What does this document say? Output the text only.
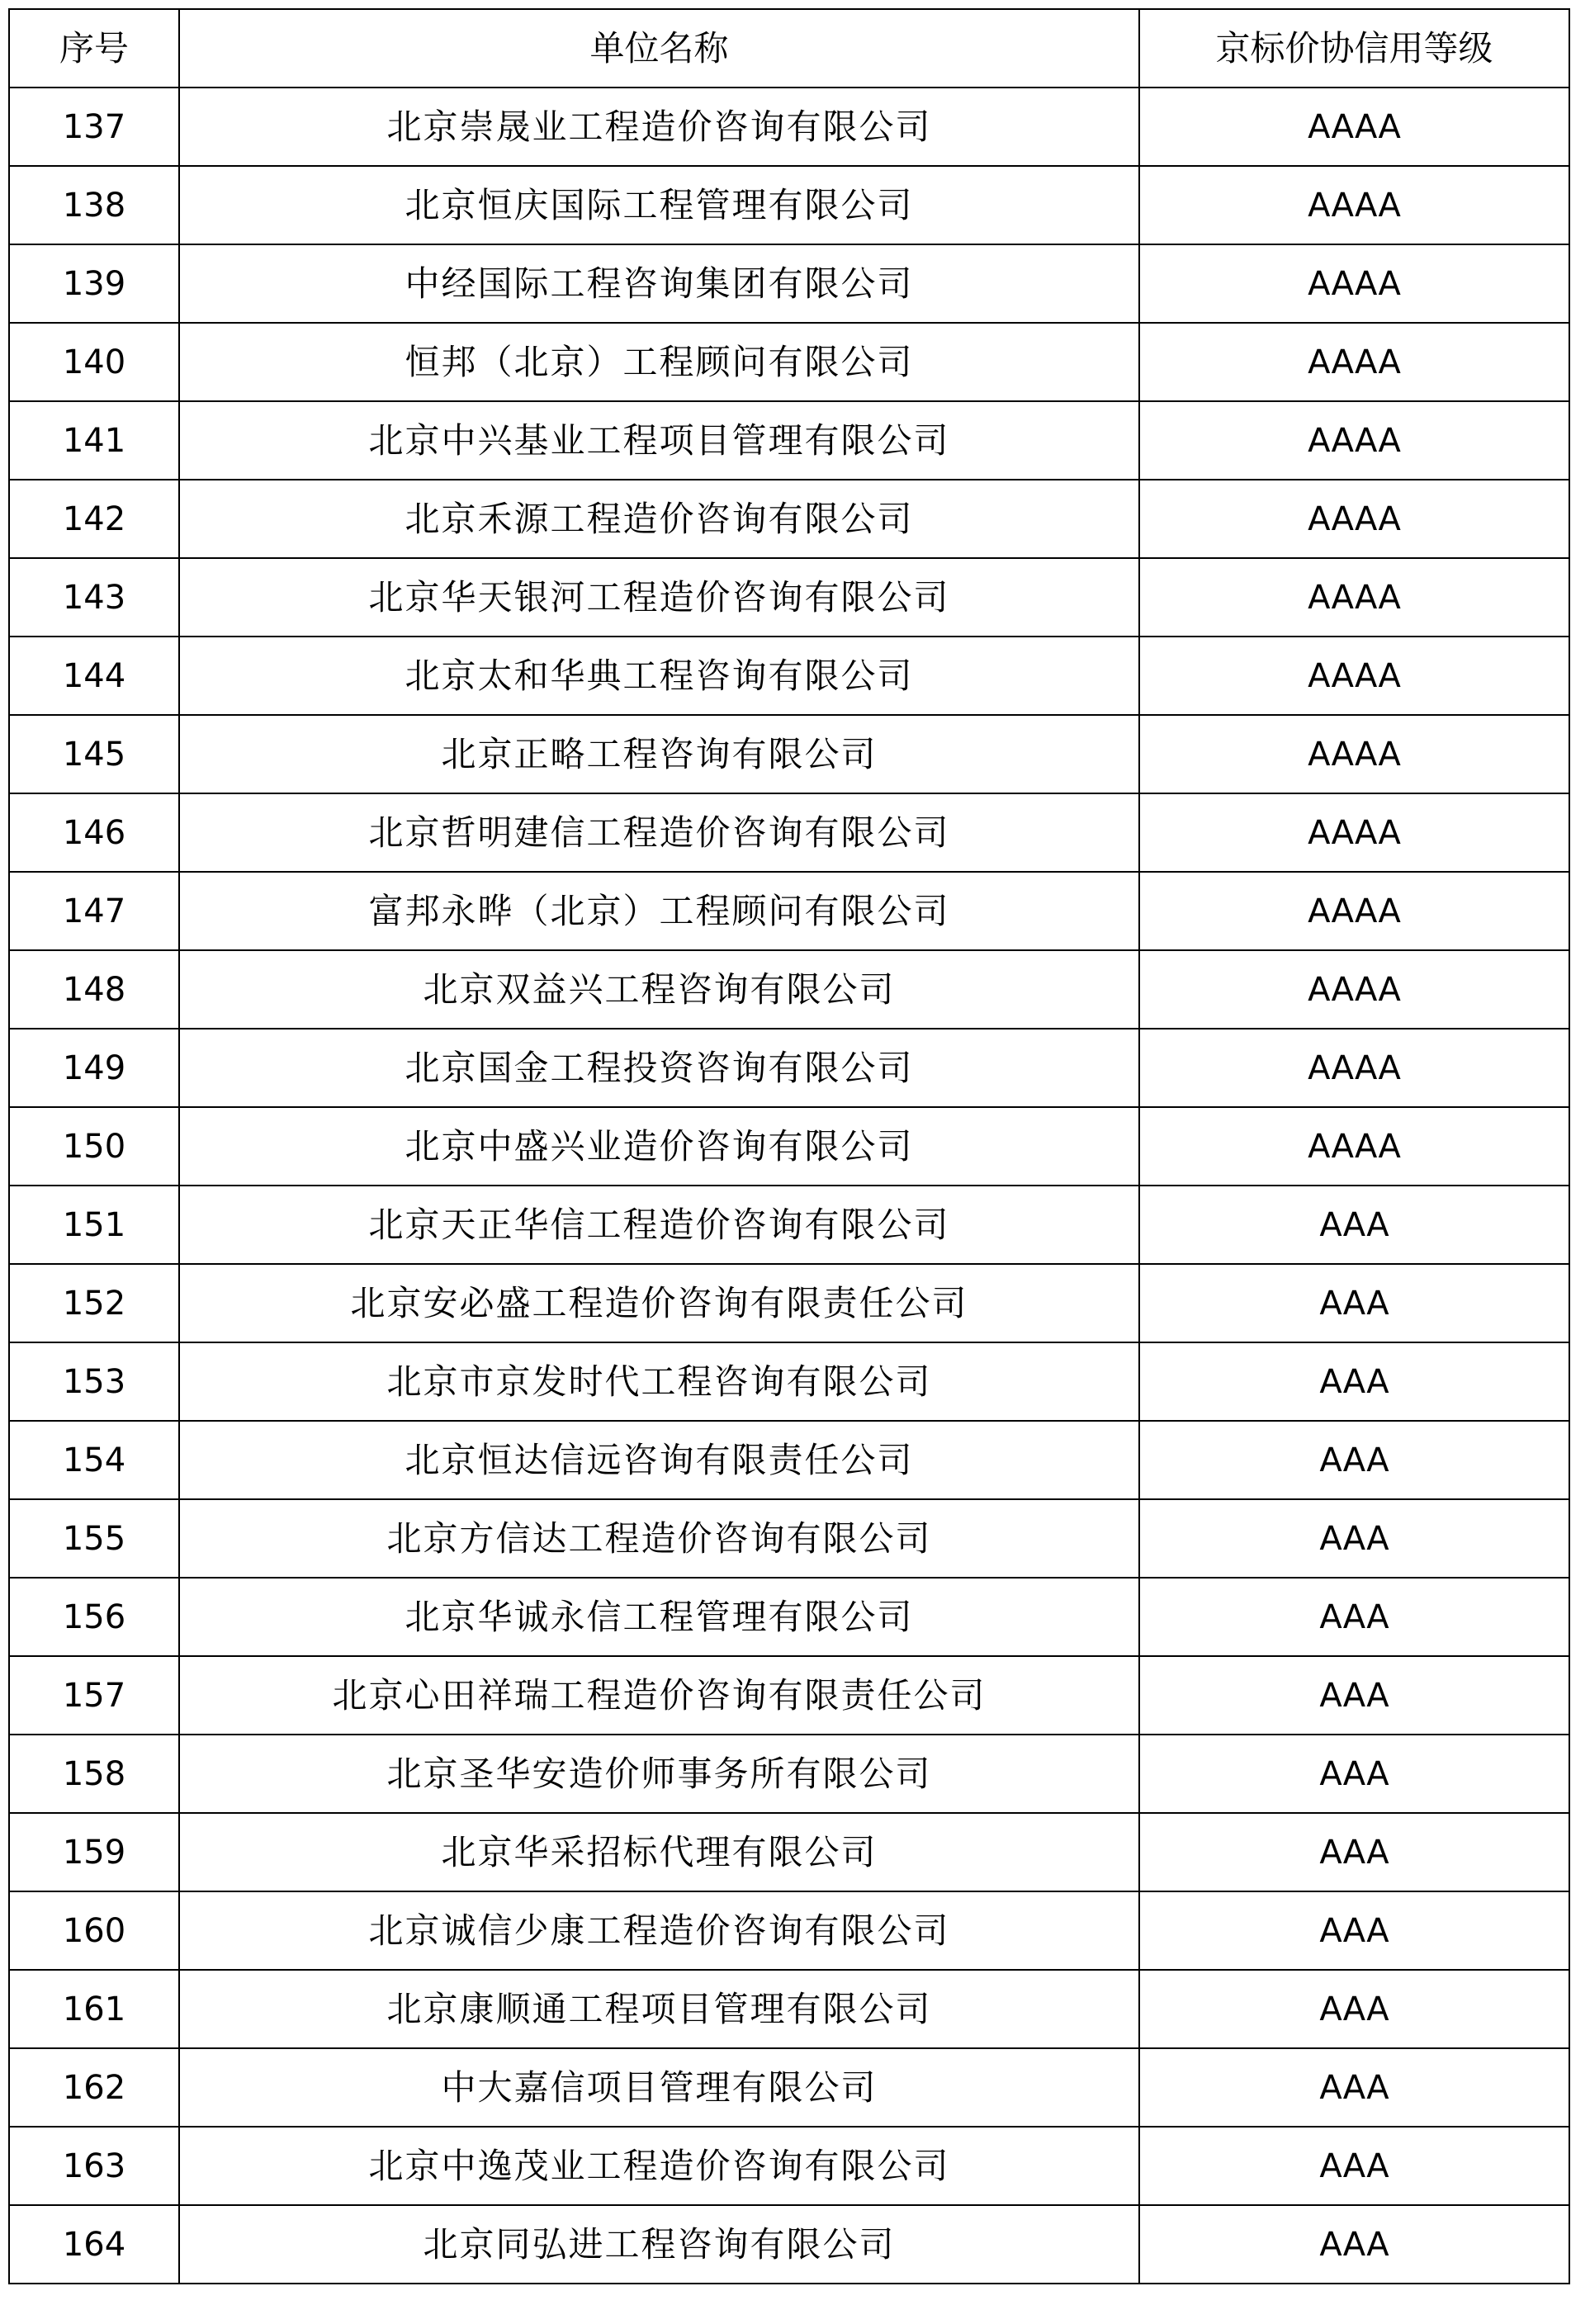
序号	单位名称	京标价协信用等级
137	北京崇晟业工程造价咨询有限公司	AAAA
138	北京恒庆国际工程管理有限公司	AAAA
139	中经国际工程咨询集团有限公司	AAAA
140	恒邦（北京）工程顾问有限公司	AAAA
141	北京中兴基业工程项目管理有限公司	AAAA
142	北京禾源工程造价咨询有限公司	AAAA
143	北京华天银河工程造价咨询有限公司	AAAA
144	北京太和华典工程咨询有限公司	AAAA
145	北京正略工程咨询有限公司	AAAA
146	北京哲明建信工程造价咨询有限公司	AAAA
147	富邦永晔（北京）工程顾问有限公司	AAAA
148	北京双益兴工程咨询有限公司	AAAA
149	北京国金工程投资咨询有限公司	AAAA
150	北京中盛兴业造价咨询有限公司	AAAA
151	北京天正华信工程造价咨询有限公司	AAA
152	北京安必盛工程造价咨询有限责任公司	AAA
153	北京市京发时代工程咨询有限公司	AAA
154	北京恒达信远咨询有限责任公司	AAA
155	北京方信达工程造价咨询有限公司	AAA
156	北京华诚永信工程管理有限公司	AAA
157	北京心田祥瑞工程造价咨询有限责任公司	AAA
158	北京圣华安造价师事务所有限公司	AAA
159	北京华采招标代理有限公司	AAA
160	北京诚信少康工程造价咨询有限公司	AAA
161	北京康顺通工程项目管理有限公司	AAA
162	中大嘉信项目管理有限公司	AAA
163	北京中逸茂业工程造价咨询有限公司	AAA
164	北京同弘进工程咨询有限公司	AAA
